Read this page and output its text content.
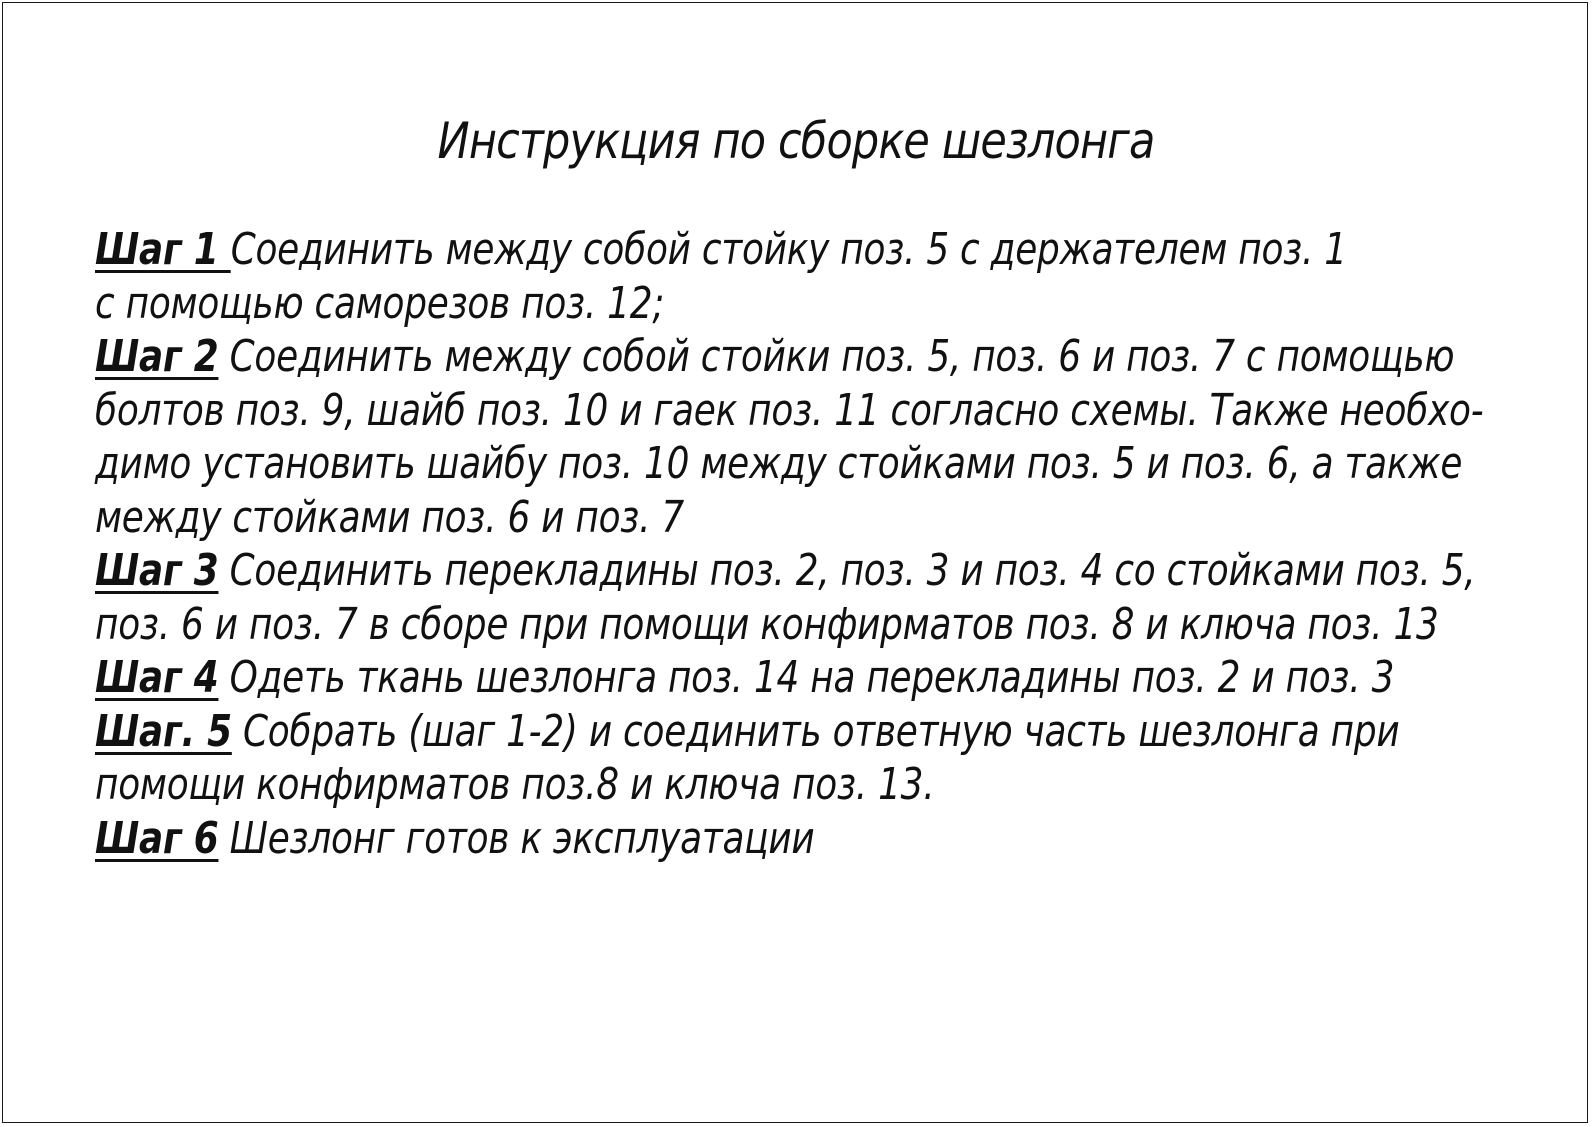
Инструкция по сборке шезлонга
Шаг 1 Соединить между собой стойку поз. 5 с держателем поз. 1
с помощью саморезов поз. 12;
Шаг 2 Соединить между собой стойки поз. 5, поз. 6 и поз. 7 с помощью
болтов поз. 9, шайб поз. 10 и гаек поз. 11 согласно схемы. Также необхо-
димо установить шайбу поз. 10 между стойками поз. 5 и поз. 6, а также
между стойками поз. 6 и поз. 7
Шаг 3 Соединить перекладины поз. 2, поз. 3 и поз. 4 со стойками поз. 5,
поз. 6 и поз. 7 в сборе при помощи конфирматов поз. 8 и ключа поз. 13
Шаг 4 Одеть ткань шезлонга поз. 14 на перекладины поз. 2 и поз. 3
Шаг. 5 Собрать (шаг 1-2) и соединить ответную часть шезлонга при
помощи конфирматов поз.8 и ключа поз. 13.
Шаг 6 Шезлонг готов к эксплуатации
